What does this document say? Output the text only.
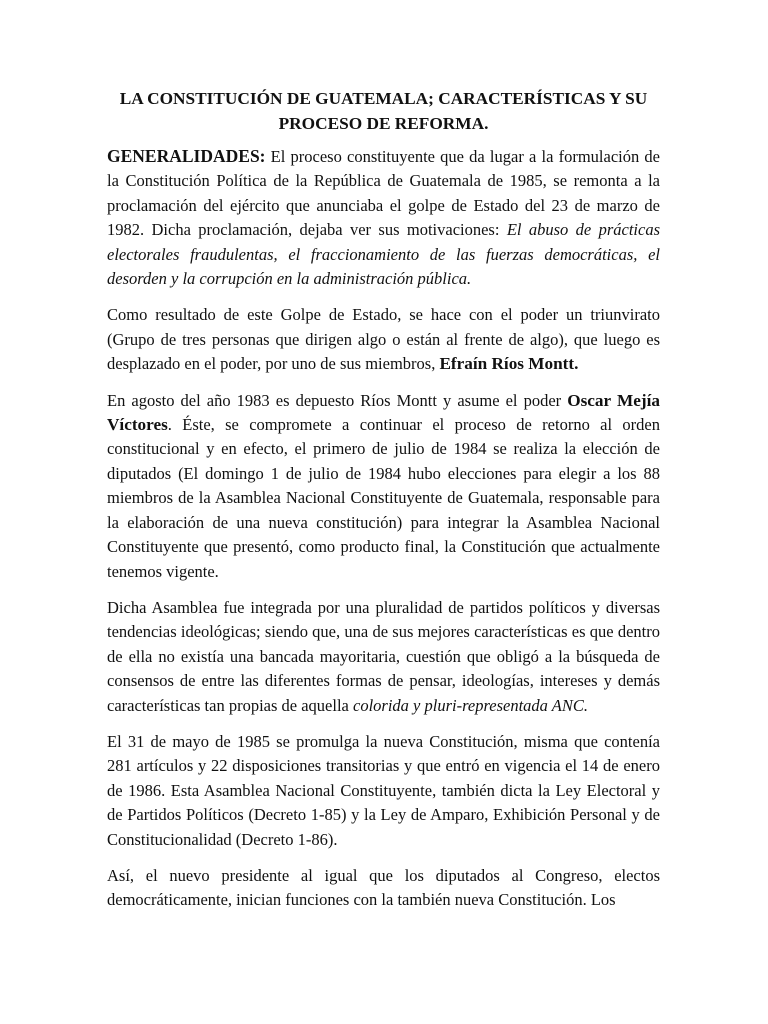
LA CONSTITUCIÓN DE GUATEMALA; CARACTERÍSTICAS Y SU
PROCESO DE REFORMA.

GENERALIDADES: El proceso constituyente que da lugar a la formulación de la Constitución Política de la República de Guatemala de 1985, se remonta a la proclamación del ejército que anunciaba el golpe de Estado del 23 de marzo de 1982. Dicha proclamación, dejaba ver sus motivaciones: El abuso de prácticas electorales fraudulentas, el fraccionamiento de las fuerzas democráticas, el desorden y la corrupción en la administración pública.

Como resultado de este Golpe de Estado, se hace con el poder un triunvirato (Grupo de tres personas que dirigen algo o están al frente de algo), que luego es desplazado en el poder, por uno de sus miembros, Efraín Ríos Montt.

En agosto del año 1983 es depuesto Ríos Montt y asume el poder Oscar Mejía Víctores. Éste, se compromete a continuar el proceso de retorno al orden constitucional y en efecto, el primero de julio de 1984 se realiza la elección de diputados (El domingo 1 de julio de 1984 hubo elecciones para elegir a los 88 miembros de la Asamblea Nacional Constituyente de Guatemala, responsable para la elaboración de una nueva constitución) para integrar la Asamblea Nacional Constituyente que presentó, como producto final, la Constitución que actualmente tenemos vigente.

Dicha Asamblea fue integrada por una pluralidad de partidos políticos y diversas tendencias ideológicas; siendo que, una de sus mejores características es que dentro de ella no existía una bancada mayoritaria, cuestión que obligó a la búsqueda de consensos de entre las diferentes formas de pensar, ideologías, intereses y demás características tan propias de aquella colorida y pluri-representada ANC.

El 31 de mayo de 1985 se promulga la nueva Constitución, misma que contenía 281 artículos y 22 disposiciones transitorias y que entró en vigencia el 14 de enero de 1986. Esta Asamblea Nacional Constituyente, también dicta la Ley Electoral y de Partidos Políticos (Decreto 1-85) y la Ley de Amparo, Exhibición Personal y de Constitucionalidad (Decreto 1-86).

Así, el nuevo presidente al igual que los diputados al Congreso, electos democráticamente, inician funciones con la también nueva Constitución. Los
